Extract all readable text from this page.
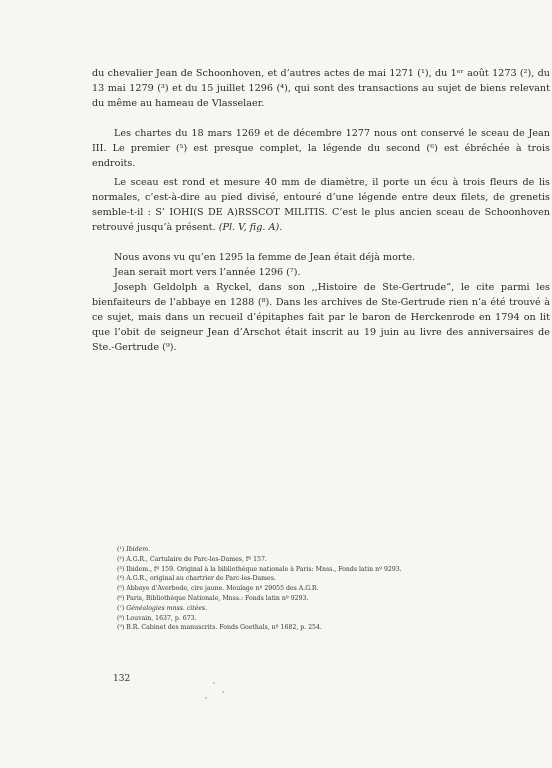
du chevalier Jean de Schoonhoven, et d’autres actes de mai 1271 (¹), du 1ᵉʳ août 1273 (²), du 13 mai 1279 (³) et du 15 juillet 1296 (⁴), qui sont des transactions au sujet de biens relevant du même au hameau de Vlasselaer.

Les chartes du 18 mars 1269 et de décembre 1277 nous ont conservé le sceau de Jean III. Le premier (⁵) est presque complet, la légende du second (⁶) est ébréchée à trois endroits.

Le sceau est rond et mesure 40 mm de diamètre, il porte un écu à trois fleurs de lis normales, c’est-à-dire au pied divisé, entouré d’une légende entre deux filets, de grenetis semble-t-il : S’ IOHI(S DE A)RSSCOT MILITIS. C’est le plus ancien sceau de Schoonhoven retrouvé jusqu’à présent. (Pl. V, fig. A).

Nous avons vu qu’en 1295 la femme de Jean était déjà morte.

Jean serait mort vers l’année 1296 (⁷).

Joseph Geldolph a Ryckel, dans son ,,Histoire de Ste-Gertrude”, le cite parmi les bienfaiteurs de l’abbaye en 1288 (⁸). Dans les archives de Ste-Gertrude rien n’a été trouvé à ce sujet, mais dans un recueil d’épitaphes fait par le baron de Herckenrode en 1794 on lit que l’obit de seigneur Jean d’Arschot était inscrit au 19 juin au livre des anniversaires de Ste.-Gertrude (⁹).

(¹) Ibidem.

(²) A.G.R., Cartulaire de Parc-les-Dames, fº 157.

(³) Ibidem., fº 159. Original à la bibliothèque nationale à Paris: Mnss., Fonds latin nº 9293.

(⁴) A.G.R., original au chartrier de Parc-les-Dames.

(⁵) Abbaye d’Averbode, cire jaune. Moulage nº 29055 des A.G.R.

(⁶) Paris, Bibliothèque Nationale, Mnss.: Fonds latin nº 9293.

(⁷) Généalogies mnss. citées.

(⁸) Louvain, 1637, p. 673.

(⁹) B.R. Cabinet des manuscrits. Fonds Goethals, nº 1682, p. 254.

132
